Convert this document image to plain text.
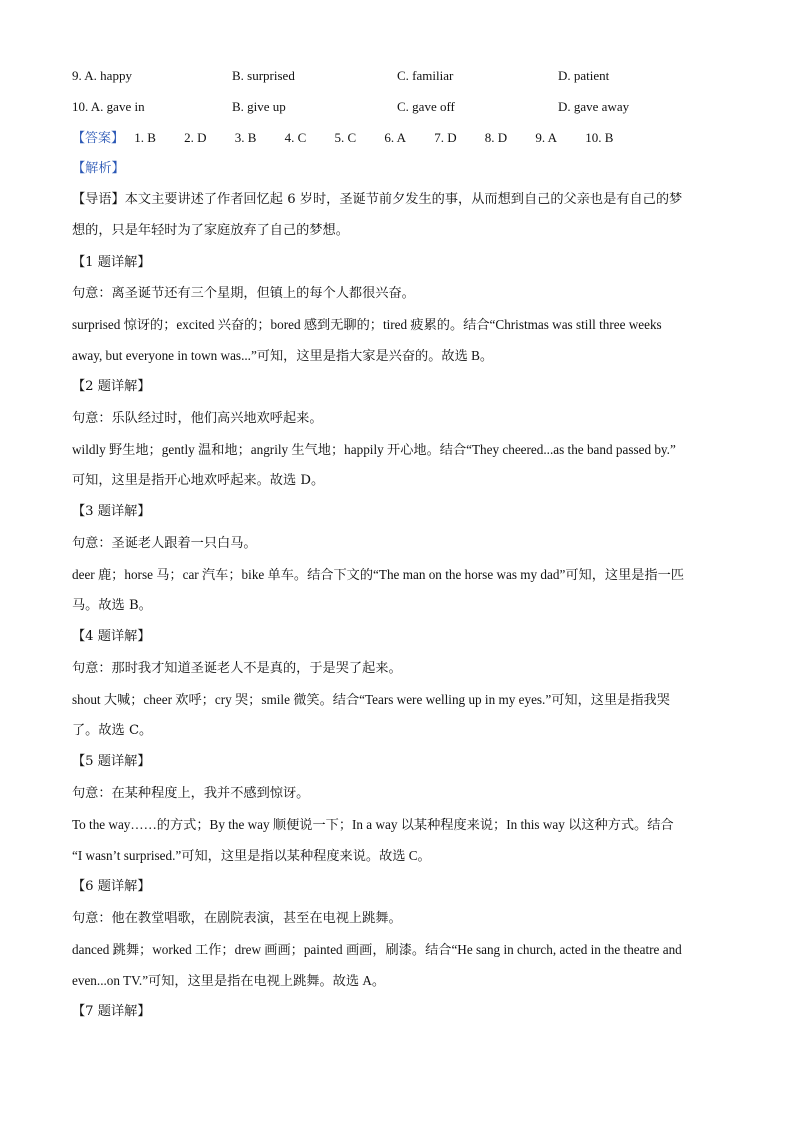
9. A. happy	B. surprised	C. familiar	D. patient
10. A. gave in	B. give up	C. gave off	D. gave away
【答案】 1. B 2. D 3. B 4. C 5. C 6. A 7. D 8. D 9. A 10. B
【解析】
【导语】本文主要讲述了作者回忆起 6 岁时，圣诞节前夕发生的事，从而想到自己的父亲也是有自己的梦
想的，只是年轻时为了家庭放弃了自己的梦想。
【1 题详解】
句意：离圣诞节还有三个星期，但镇上的每个人都很兴奋。
surprised 惊讶的；excited 兴奋的；bored 感到无聊的；tired 疲累的。结合“Christmas was still three weeks
away, but everyone in town was...”可知，这里是指大家是兴奋的。故选 B。
【2 题详解】
句意：乐队经过时，他们高兴地欢呼起来。
wildly 野生地；gently 温和地；angrily 生气地；happily 开心地。结合“They cheered...as the band passed by.”
可知，这里是指开心地欢呼起来。故选 D。
【3 题详解】
句意：圣诞老人跟着一只白马。
deer 鹿；horse 马；car 汽车；bike 单车。结合下文的“The man on the horse was my dad”可知，这里是指一匹
马。故选 B。
【4 题详解】
句意：那时我才知道圣诞老人不是真的，于是哭了起来。
shout 大喊；cheer 欢呼；cry 哭；smile 微笑。结合“Tears were welling up in my eyes.”可知，这里是指我哭
了。故选 C。
【5 题详解】
句意：在某种程度上，我并不感到惊讶。
To the way……的方式；By the way 顺便说一下；In a way 以某种程度来说；In this way 以这种方式。结合
“I wasn’t surprised.”可知，这里是指以某种程度来说。故选 C。
【6 题详解】
句意：他在教堂唱歌，在剧院表演，甚至在电视上跳舞。
danced 跳舞；worked 工作；drew 画画；painted 画画，刷漆。结合“He sang in church, acted in the theatre and
even...on TV.”可知，这里是指在电视上跳舞。故选 A。
【7 题详解】
